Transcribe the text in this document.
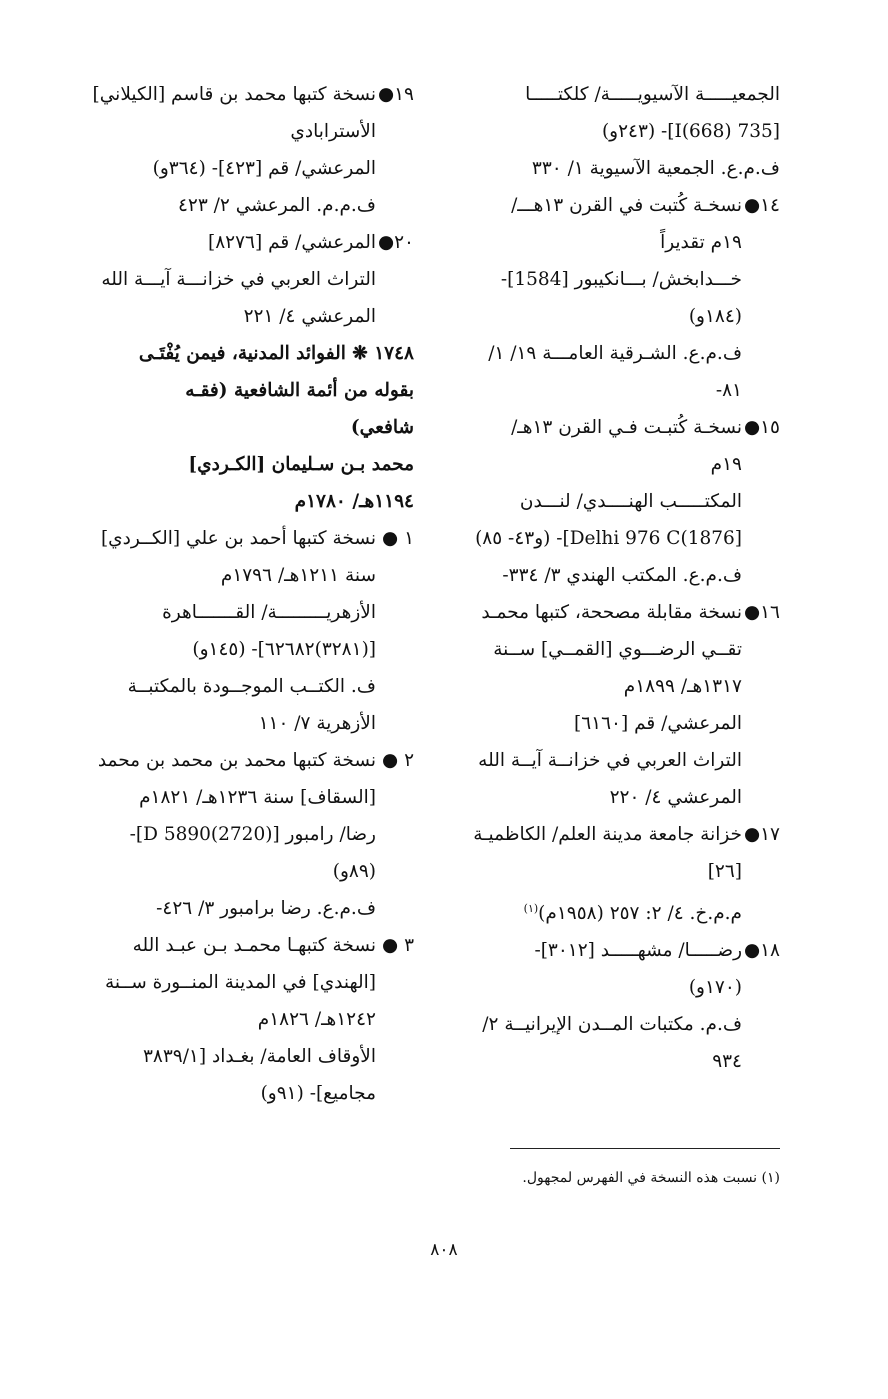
الجمعيـــــة الآسيويـــــة/ كلكتـــــا

[735 I(668)]- (٢٤٣و)

ف.م.ع. الجمعية الآسيوية ١/ ٣٣٠

١٤●

نسخـة كُتبت في القرن ١٣هـــ/

١٩م تقديراً

خـــدابخش/ بـــانكيبور [1584]-

(١٨٤و)

ف.م.ع. الشـرقية العامـــة ١٩/ ١/

٨١-

١٥●

نسخـة كُتبـت فـي القرن ١٣هـ/

١٩م

المكتـــــب الهنــــدي/ لنـــدن

[1876)Delhi 976 C]- (و٤٣- ٨٥)

ف.م.ع. المكتب الهندي ٣/ ٣٣٤-

١٦●

نسخة مقابلة مصححة، كتبها محمـد

تقــي الرضـــوي [القمــي] ســنة

١٣١٧هـ/ ١٨٩٩م

المرعشي/ قم [٦١٦٠]

التراث العربي في خزانــة آيــة الله

المرعشي ٤/ ٢٢٠

١٧●

خزانة جامعة مدينة العلم/ الكاظميـة

[٢٦]

م.م.خ. ٤/ ٢: ٢٥٧ (١٩٥٨م)$^{(١)}$

١٨●

رضـــــا/ مشهـــــد [٣٠١٢]-

(١٧٠و)

ف.م. مكتبات المــدن الإيرانيــة ٢/

٩٣٤

١٩●

نسخة كتبها محمد بن قاسم [الكيلاني]

الأسترابادي

المرعشي/ قم [٤٢٣]- (٣٦٤و)

ف.م.م. المرعشي ٢/ ٤٢٣

٢٠●

المرعشي/ قم [٨٢٧٦]

التراث العربي في خزانـــة آيـــة الله

المرعشي ٤/ ٢٢١

١٧٤٨ ❋ الفوائد المدنية، فيمن يُفْتَـى

بقوله من أئمة الشافعية (فقـه

شافعي)

محمد بـن سـليمان [الكـردي]

١١٩٤هـ/ ١٧٨٠م

١ ●

نسخة كتبها أحمد بن علي [الكــردي]

سنة ١٢١١هـ/ ١٧٩٦م

الأزهريـــــــــة/ القـــــــاهرة

[(٣٢٨١)٦٢٦٨٢]- (١٤٥و)

ف. الكتــب الموجــودة بالمكتبــة

الأزهرية ٧/ ١١٠

٢ ●

نسخة كتبها محمد بن محمد بن محمد

[السقاف] سنة ١٢٣٦هـ/ ١٨٢١م

رضا/ رامبور [D 5890(2720)]-

(٨٩و)

ف.م.ع. رضا برامبور ٣/ ٤٢٦-

٣ ●

نسخة كتبهـا محمـد بـن عبـد الله

[الهندي] في المدينة المنــورة ســنة

١٢٤٢هـ/ ١٨٢٦م

الأوقاف العامة/ بغـداد [٣٨٣٩/١

مجاميع]- (٩١و)

(١) نسبت هذه النسخة في الفهرس لمجهول.
٨٠٨
